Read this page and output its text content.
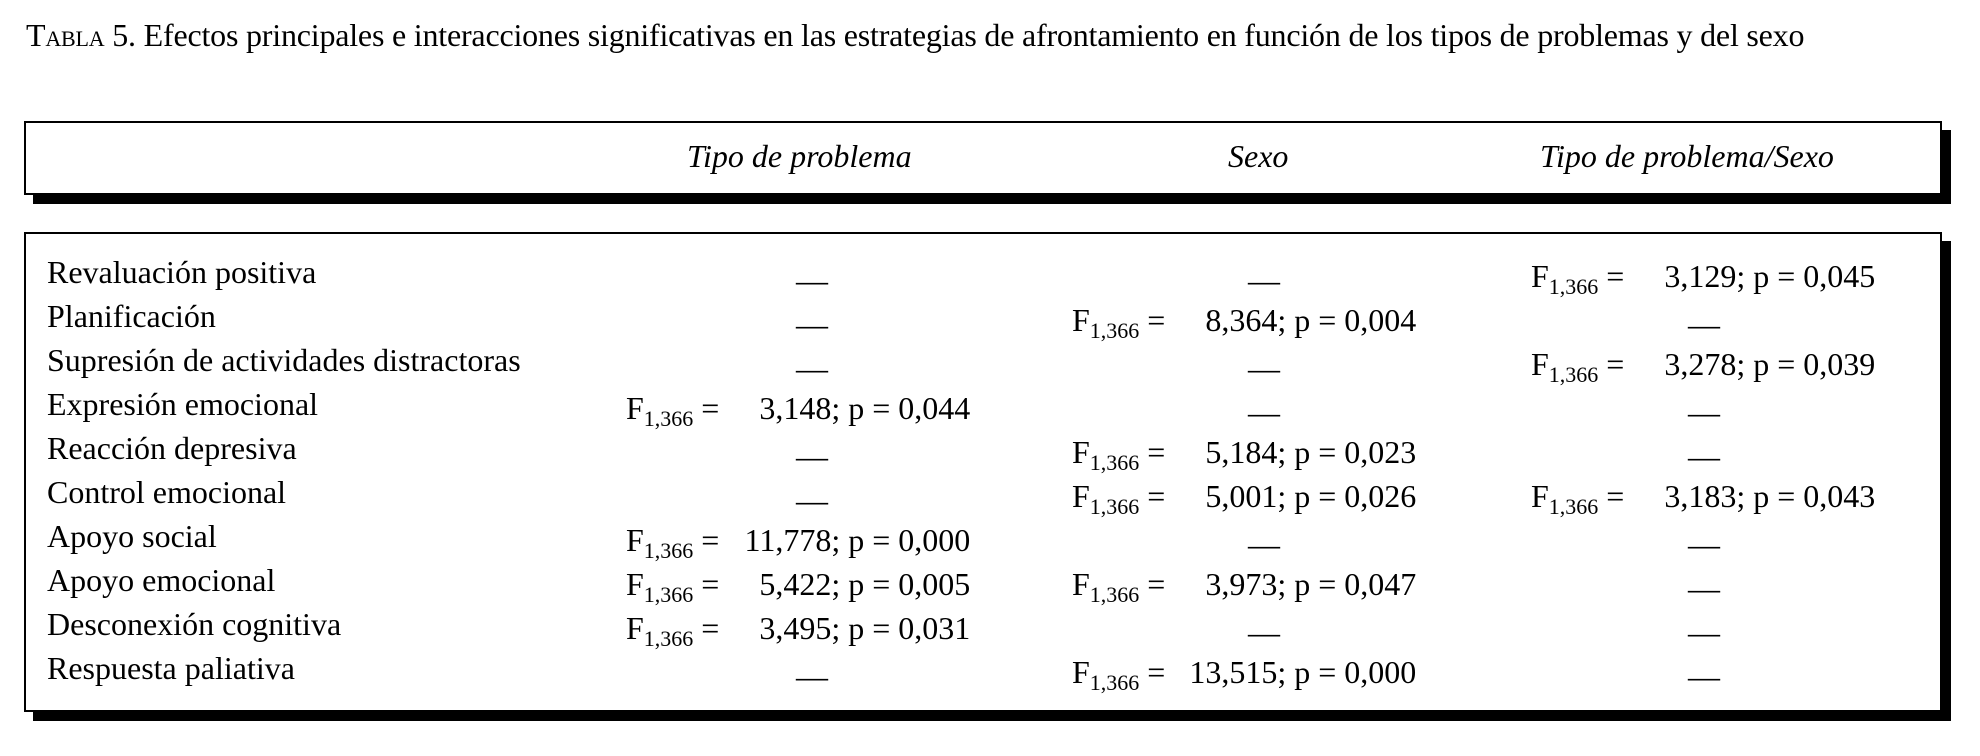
Tabla 5. Efectos principales e interacciones significativas en las estrategias de afrontamiento en función de los tipos de problemas y del sexo
Tipo de problema	Sexo	Tipo de problema/Sexo
Revaluación positiva	—	—	$F_{1,366} = 3,129$; p = 0,045
Planificación	—	$F_{1,366} = 8,364$; p = 0,004	—
Supresión de actividades distractoras	—	—	$F_{1,366} = 3,278$; p = 0,039
Expresión emocional	$F_{1,366} = 3,148$; p = 0,044	—	—
Reacción depresiva	—	$F_{1,366} = 5,184$; p = 0,023	—
Control emocional	—	$F_{1,366} = 5,001$; p = 0,026	$F_{1,366} = 3,183$; p = 0,043
Apoyo social	$F_{1,366} = 11,778$; p = 0,000	—	—
Apoyo emocional	$F_{1,366} = 5,422$; p = 0,005	$F_{1,366} = 3,973$; p = 0,047	—
Desconexión cognitiva	$F_{1,366} = 3,495$; p = 0,031	—	—
Respuesta paliativa	—	$F_{1,366} = 13,515$; p = 0,000	—
